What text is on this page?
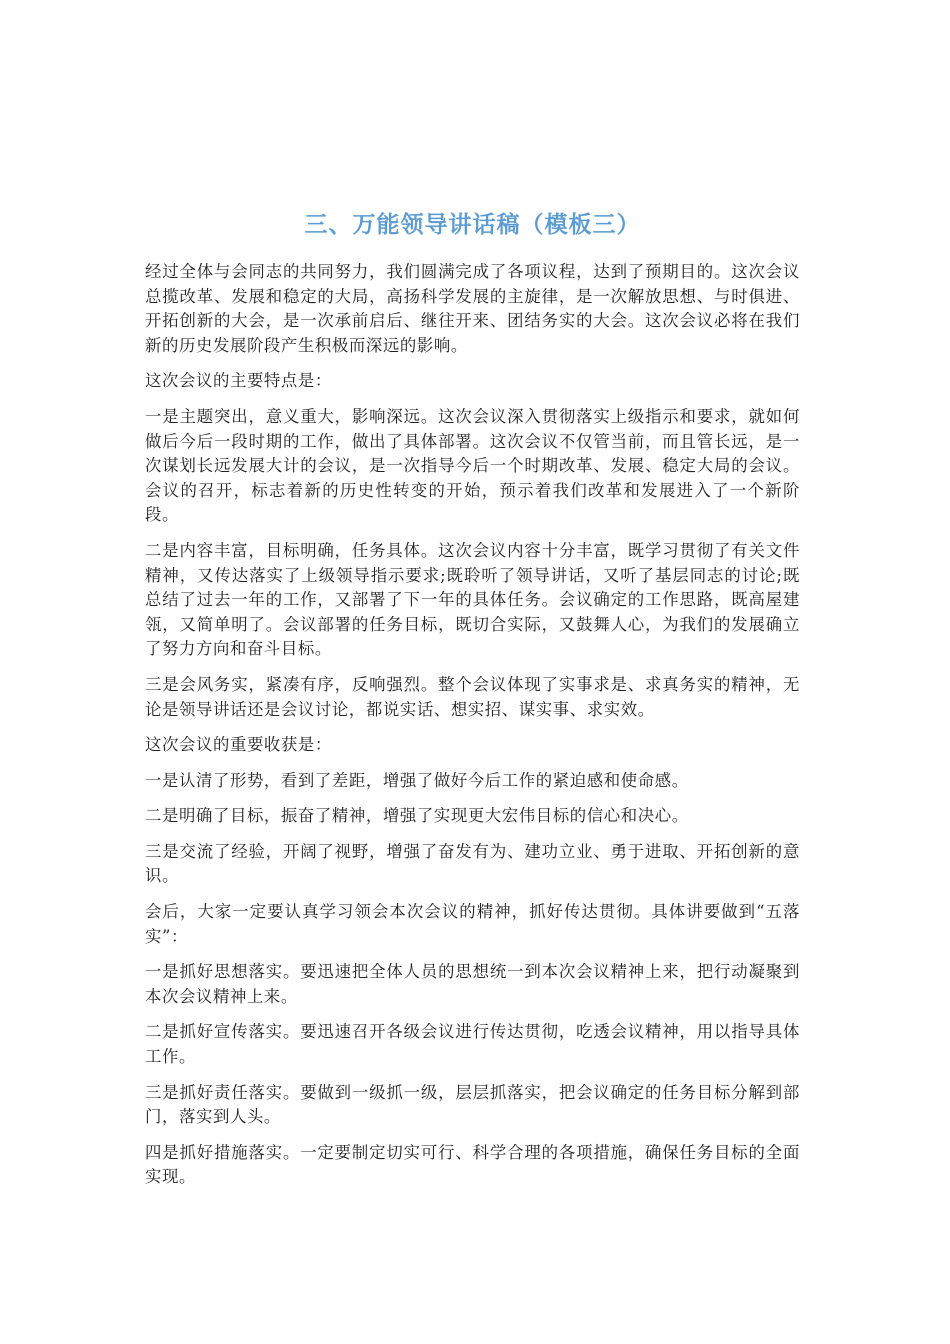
三、万能领导讲话稿（模板三）

经过全体与会同志的共同努力，我们圆满完成了各项议程，达到了预期目的。这次会议总揽改革、发展和稳定的大局，高扬科学发展的主旋律，是一次解放思想、与时俱进、开拓创新的大会，是一次承前启后、继往开来、团结务实的大会。这次会议必将在我们新的历史发展阶段产生积极而深远的影响。

这次会议的主要特点是：

一是主题突出，意义重大，影响深远。这次会议深入贯彻落实上级指示和要求，就如何做后今后一段时期的工作，做出了具体部署。这次会议不仅管当前，而且管长远，是一次谋划长远发展大计的会议，是一次指导今后一个时期改革、发展、稳定大局的会议。会议的召开，标志着新的历史性转变的开始，预示着我们改革和发展进入了一个新阶段。

二是内容丰富，目标明确，任务具体。这次会议内容十分丰富，既学习贯彻了有关文件精神，又传达落实了上级领导指示要求;既聆听了领导讲话，又听了基层同志的讨论;既总结了过去一年的工作，又部署了下一年的具体任务。会议确定的工作思路，既高屋建瓴，又简单明了。会议部署的任务目标，既切合实际，又鼓舞人心，为我们的发展确立了努力方向和奋斗目标。

三是会风务实，紧凑有序，反响强烈。整个会议体现了实事求是、求真务实的精神，无论是领导讲话还是会议讨论，都说实话、想实招、谋实事、求实效。

这次会议的重要收获是：

一是认清了形势，看到了差距，增强了做好今后工作的紧迫感和使命感。

二是明确了目标，振奋了精神，增强了实现更大宏伟目标的信心和决心。

三是交流了经验，开阔了视野，增强了奋发有为、建功立业、勇于进取、开拓创新的意识。

会后，大家一定要认真学习领会本次会议的精神，抓好传达贯彻。具体讲要做到“五落实”：

一是抓好思想落实。要迅速把全体人员的思想统一到本次会议精神上来，把行动凝聚到本次会议精神上来。

二是抓好宣传落实。要迅速召开各级会议进行传达贯彻，吃透会议精神，用以指导具体工作。

三是抓好责任落实。要做到一级抓一级，层层抓落实，把会议确定的任务目标分解到部门，落实到人头。

四是抓好措施落实。一定要制定切实可行、科学合理的各项措施，确保任务目标的全面实现。
